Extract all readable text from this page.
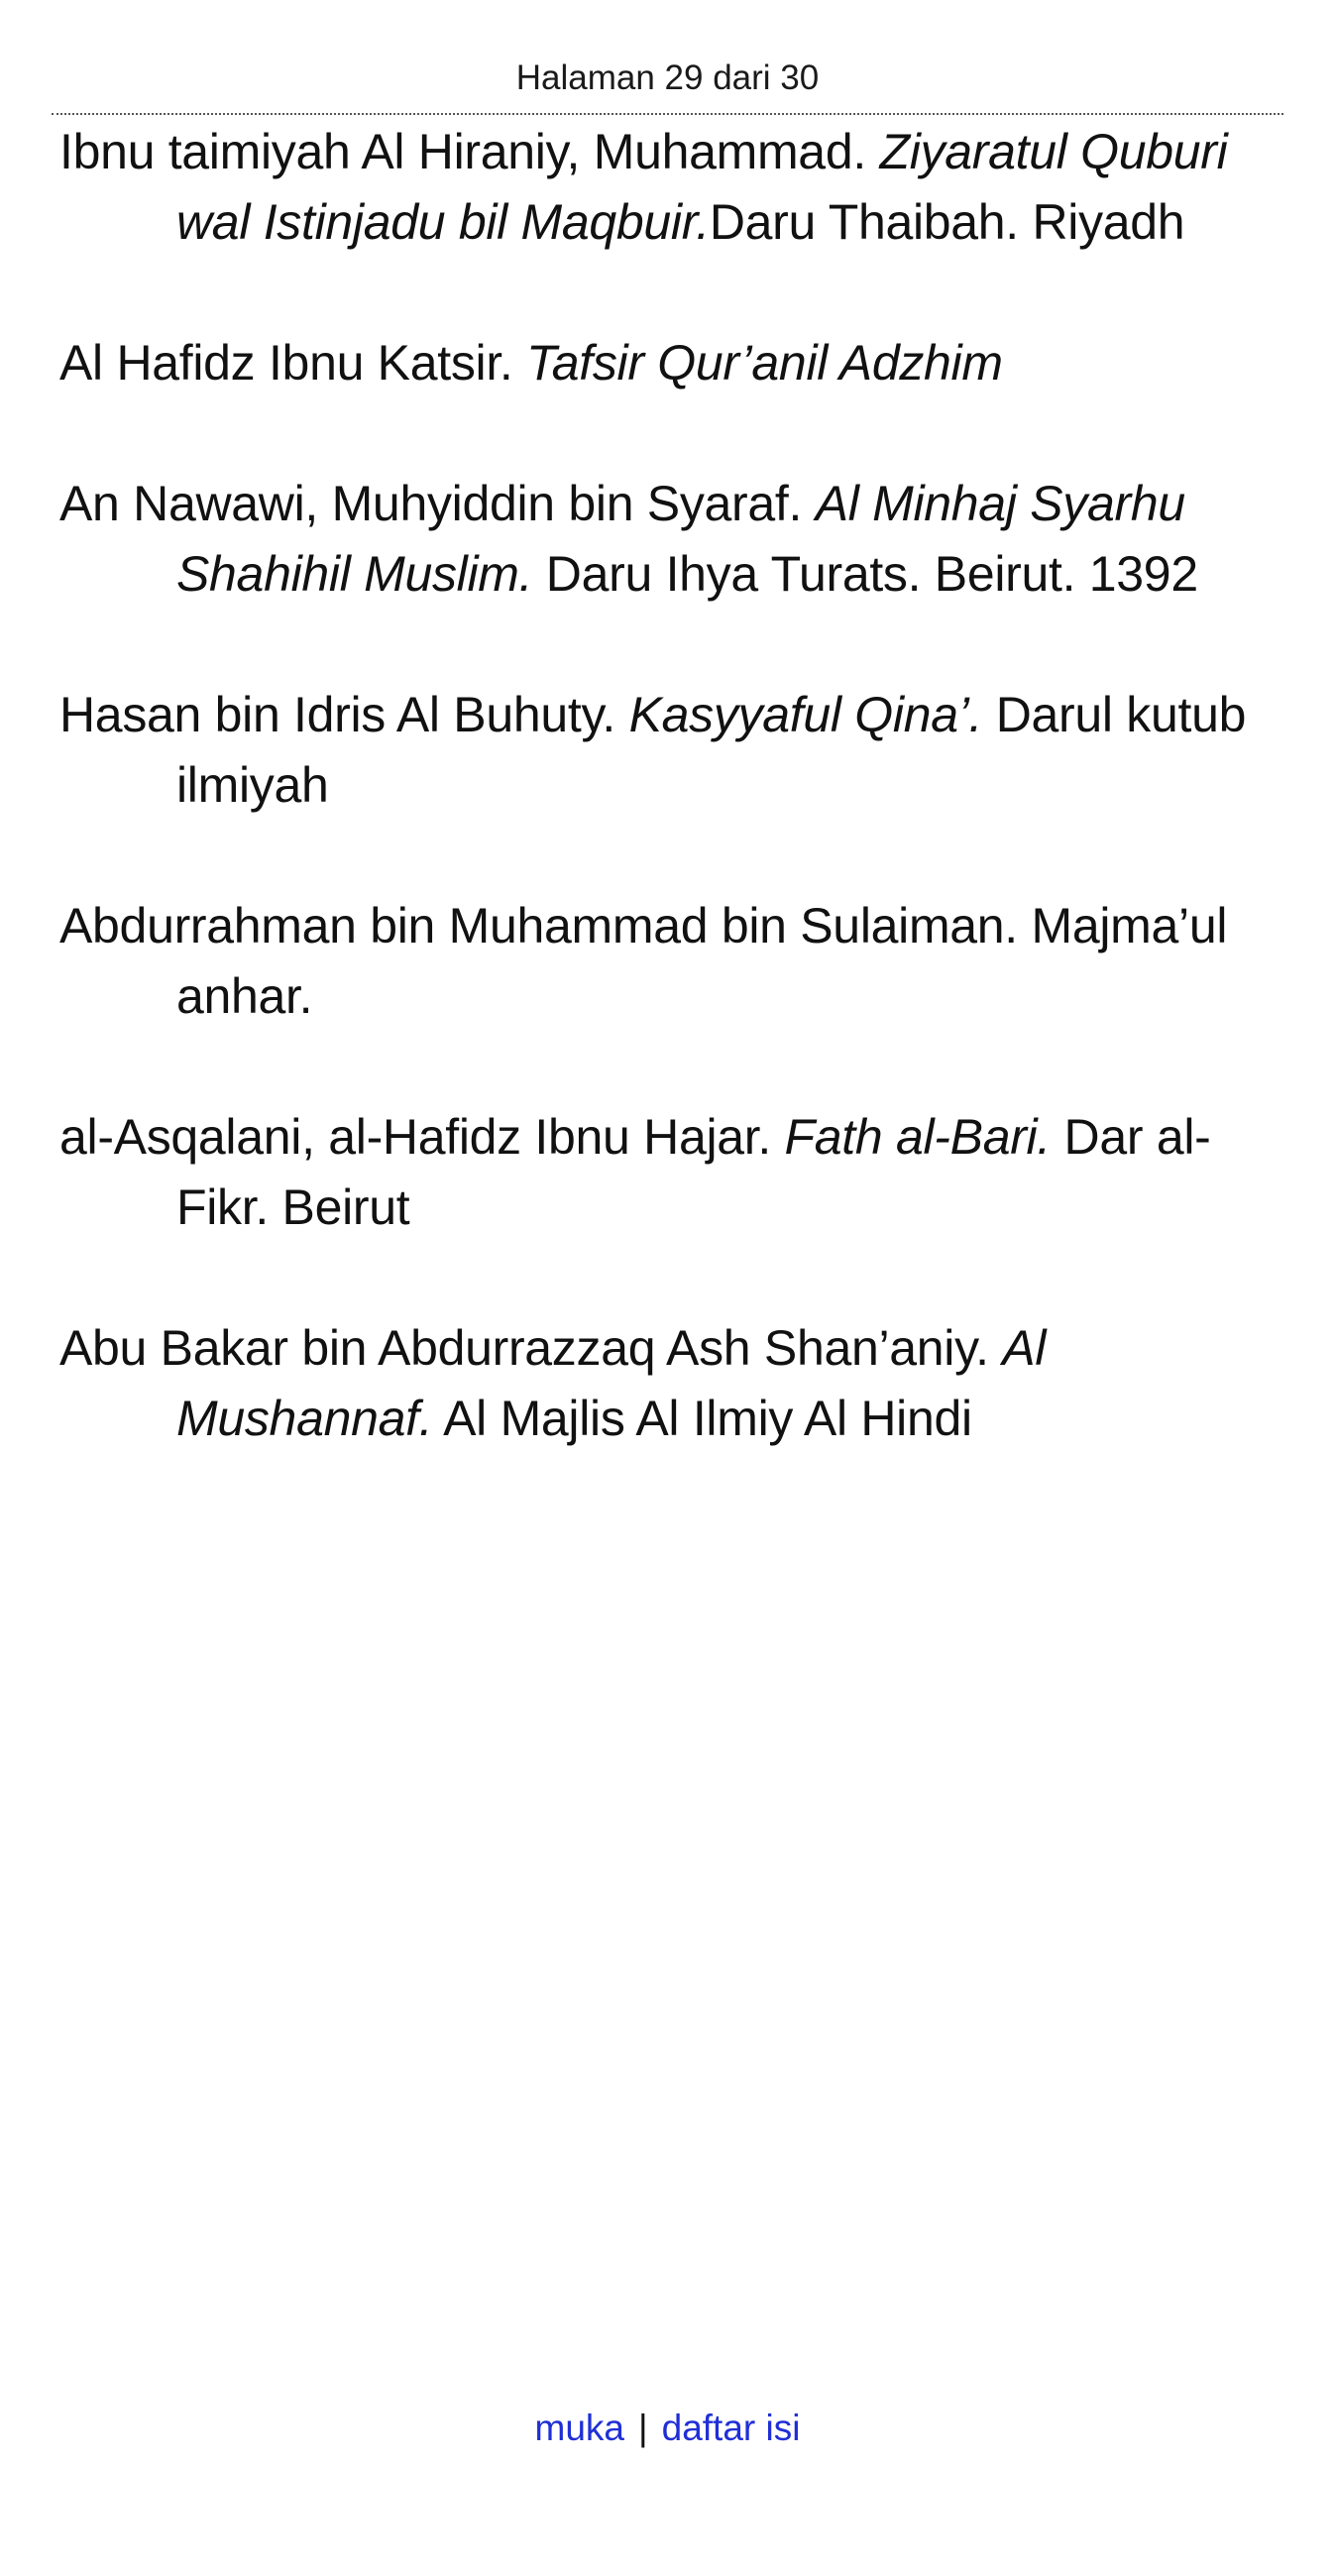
Halaman 29 dari 30

Ibnu taimiyah Al Hiraniy, Muhammad. Ziyaratul Quburi wal Istinjadu bil Maqbuir.Daru Thaibah. Riyadh

Al Hafidz Ibnu Katsir. Tafsir Qur’anil Adzhim

An Nawawi, Muhyiddin bin Syaraf. Al Minhaj Syarhu Shahihil Muslim. Daru Ihya Turats. Beirut. 1392

Hasan bin Idris Al Buhuty. Kasyyaful Qina’. Darul kutub ilmiyah

Abdurrahman bin Muhammad bin Sulaiman. Majma’ul anhar.

al-Asqalani, al-Hafidz Ibnu Hajar. Fath al-Bari. Dar al-Fikr. Beirut

Abu Bakar bin Abdurrazzaq Ash Shan’aniy. Al Mushannaf. Al Majlis Al Ilmiy Al Hindi

muka | daftar isi
